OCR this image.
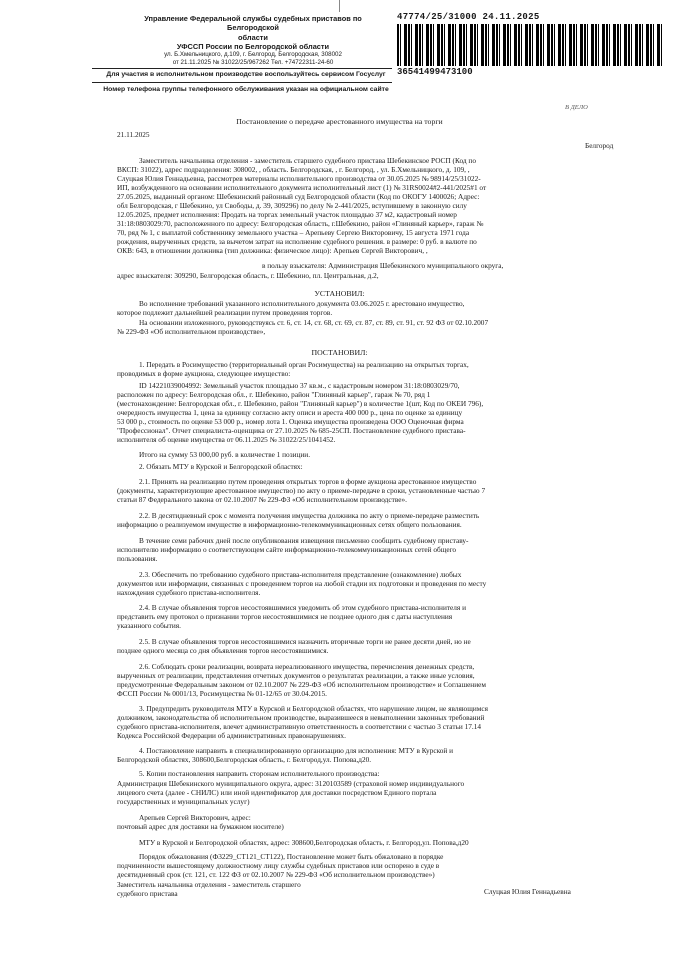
Управление Федеральной службы судебных приставов по Белгородской
области
УФССП России по Белгородской области
ул. Б.Хмельницкого, д.109, г. Белгород, Белгородская, 308002
от 21.11.2025 № 31022/25/967262 Тел. +74722311-24-60
Для участия в исполнительном производстве воспользуйтесь сервисом Госуслуг
Номер телефона группы телефонного обслуживания указан на официальном сайте
47774/25/31000 24.11.2025
36541499473100
В ДЕЛО
Постановление о передаче арестованного имущества на торги
21.11.2025
Белгород
Заместитель начальника отделения - заместитель старшего судебного пристава Шебекинское РОСП (Код по
ВКСП: 31022), адрес подразделения: 308002, , область. Белгородская, , г. Белгород, , ул. Б.Хмельницкого, д. 109, ,
Слуцкая Юлия Геннадьевна, рассмотрев материалы исполнительного производства от 30.05.2025 № 98914/25/31022-
ИП, возбужденного на основании исполнительного документа исполнительный лист (1) № 31RS0024#2-441/2025#1 от
27.05.2025, выданный органом: Шебекинский районный суд Белгородской области (Код по ОКОГУ 1400026; Адрес:
обл Белгородская, г Шебекино, ул Свободы, д. 39, 309296) по делу № 2-441/2025, вступившему в законную силу
12.05.2025, предмет исполнения: Продать на торгах земельный участок площадью 37 м2, кадастровый номер
31:18:0803029:70, расположенного по адресу: Белгородская область, г.Шебекино, район «Глиняный карьер», гараж №
70, ряд № 1, с выплатой собственнику земельного участка – Арепьеву Сергею Викторовичу, 15 августа 1971 года
рождения, вырученных средств, за вычетом затрат на исполнение судебного решения. в размере: 0 руб. в валюте по
ОКВ: 643, в отношении должника (тип должника: физическое лицо): Арепьев Сергей Викторович, ,
в пользу взыскателя: Администрация Шебекинского муниципального округа,
адрес взыскателя: 309290, Белгородская область, г. Шебекино, пл. Центральная, д.2,
УСТАНОВИЛ:
Во исполнение требований указанного исполнительного документа 03.06.2025 г. арестовано имущество,
которое подлежит дальнейшей реализации путем проведения торгов.
На основании изложенного, руководствуясь ст. 6, ст. 14, ст. 68, ст. 69, ст. 87, ст. 89, ст. 91, ст. 92 ФЗ от 02.10.2007
№ 229-ФЗ «Об исполнительном производстве»,
ПОСТАНОВИЛ:
1. Передать в Росимущество (территориальный орган Росимущества) на реализацию на открытых торгах,
проводимых в форме аукциона, следующее имущество:
ID 14221039004992: Земельный участок площадью 37 кв.м., с кадастровым номером 31:18:0803029/70,
расположен по адресу: Белгородская обл., г. Шебекино, район "Глиняный карьер", гараж № 70, ряд 1
(местонахождение: Белгородская обл., г. Шебекино, район "Глиняный карьер") в количестве 1(шт, Код по ОКЕИ 796),
очередность имущества 1, цена за единицу согласно акту описи и ареста 400 000 р., цена по оценке за единицу
53 000 р., стоимость по оценке 53 000 р., номер лота 1. Оценка имущества произведена ООО Оценочная фирма
"Профессионал". Отчет специалиста-оценщика от 27.10.2025 № 685-25СП. Постановление судебного пристава-
исполнителя об оценке имущества от 06.11.2025 № 31022/25/1041452.
Итого на сумму 53 000,00 руб. в количестве 1 позиции.
2. Обязать МТУ в Курской и Белгородской областях:
2.1. Принять на реализацию путем проведения открытых торгов в форме аукциона арестованное имущество
(документы, характеризующие арестованное имущество) по акту о приеме-передаче в сроки, установленные частью 7
статьи 87 Федерального закона от 02.10.2007 № 229-ФЗ «Об исполнительном производстве».
2.2. В десятидневный срок с момента получения имущества должника по акту о приеме-передаче разместить
информацию о реализуемом имуществе в информационно-телекоммуникационных сетях общего пользования.
В течение семи рабочих дней после опубликования извещения письменно сообщить судебному приставу-
исполнителю информацию о соответствующем сайте информационно-телекоммуникационных сетей общего
пользования.
2.3. Обеспечить по требованию судебного пристава-исполнителя представление (ознакомление) любых
документов или информации, связанных с проведением торгов на любой стадии их подготовки и проведения по месту
нахождения судебного пристава-исполнителя.
2.4. В случае объявления торгов несостоявшимися уведомить об этом судебного пристава-исполнителя и
представить ему протокол о признании торгов несостоявшимися не позднее одного дня с даты наступления
указанного события.
2.5. В случае объявления торгов несостоявшимися назначить вторичные торги не ранее десяти дней, но не
позднее одного месяца со дня объявления торгов несостоявшимися.
2.6. Соблюдать сроки реализации, возврата нереализованного имущества, перечисления денежных средств,
вырученных от реализации, представления отчетных документов о результатах реализации, а также иные условия,
предусмотренные Федеральным законом от 02.10.2007 № 229-ФЗ «Об исполнительном производстве» и Соглашением
ФССП России № 0001/13, Росимущества № 01-12/65 от 30.04.2015.
3. Предупредить руководителя МТУ в Курской и Белгородской областях, что нарушение лицом, не являющимся
должником, законодательства об исполнительном производстве, выразившееся в невыполнении законных требований
судебного пристава-исполнителя, влечет административную ответственность в соответствии с частью 3 статьи 17.14
Кодекса Российской Федерации об административных правонарушениях.
4. Постановление направить в специализированную организацию для исполнения: МТУ в Курской и
Белгородской областях, 308600,Белгородская область, г. Белгород,ул. Попова,д20.
5. Копии постановления направить сторонам исполнительного производства:
Администрация Шебекинского муниципального округа, адрес: 3120103589 (страховой номер индивидуального
лицевого счета (далее - СНИЛС) или иной идентификатор для доставки посредством Единого портала
государственных и муниципальных услуг)
Арепьев Сергей Викторович, адрес:
почтовый адрес для доставки на бумажном носителе)
МТУ в Курской и Белгородской областях, адрес: 308600,Белгородская область, г. Белгород,ул. Попова,д20
Порядок обжалования (Ф3229_СТ121_СТ122), Постановление может быть обжаловано в порядке
подчиненности вышестоящему должностному лицу службы судебных приставов или оспорено в суде в
десятидневный срок (ст. 121, ст. 122 ФЗ от 02.10.2007 № 229-ФЗ «Об исполнительном производстве»)
Заместитель начальника отделения - заместитель старшего
судебного пристава	Слуцкая Юлия Геннадьевна
